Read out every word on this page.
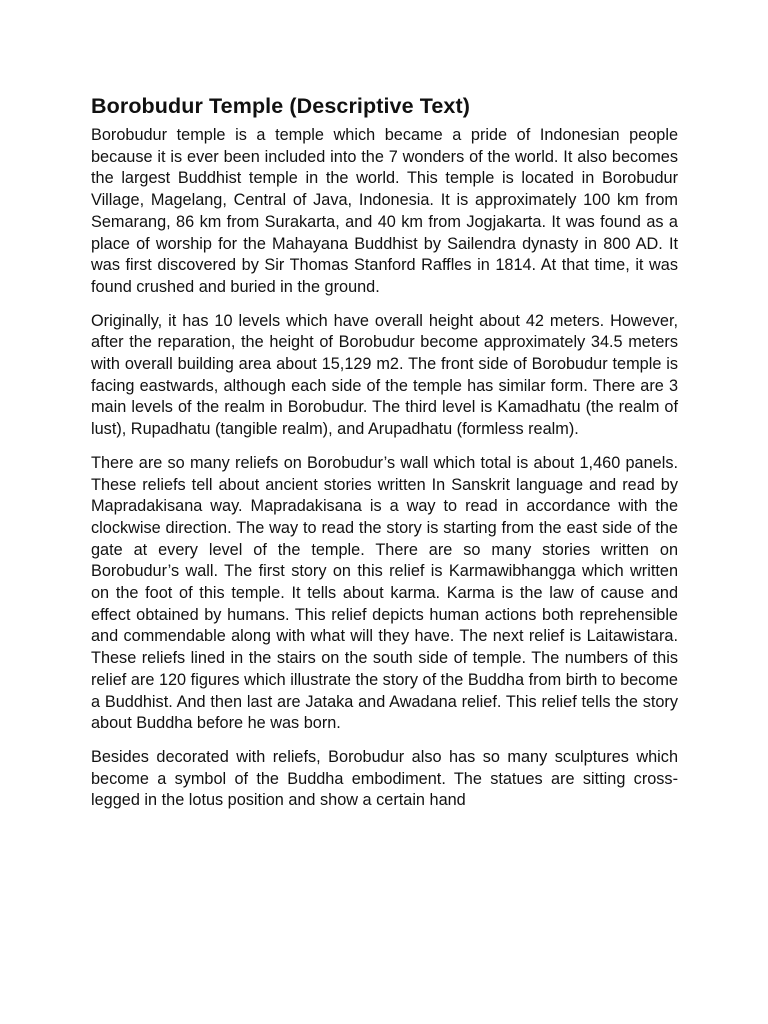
Borobudur Temple (Descriptive Text)

Borobudur temple is a temple which became a pride of Indonesian people because it is ever been included into the 7 wonders of the world. It also becomes the largest Buddhist temple in the world. This temple is located in Borobudur Village, Magelang, Central of Java, Indonesia. It is approximately 100 km from Semarang, 86 km from Surakarta, and 40 km from Jogjakarta. It was found as a place of worship for the Mahayana Buddhist by Sailendra dynasty in 800 AD. It was first discovered by Sir Thomas Stanford Raffles in 1814. At that time, it was found crushed and buried in the ground.

Originally, it has 10 levels which have overall height about 42 meters. However, after the reparation, the height of Borobudur become approximately 34.5 meters with overall building area about 15,129 m2. The front side of Borobudur temple is facing eastwards, although each side of the temple has similar form. There are 3 main levels of the realm in Borobudur. The third level is Kamadhatu (the realm of lust), Rupadhatu (tangible realm), and Arupadhatu (formless realm).

There are so many reliefs on Borobudur’s wall which total is about 1,460 panels. These reliefs tell about ancient stories written In Sanskrit language and read by Mapradakisana way. Mapradakisana is a way to read in accordance with the clockwise direction. The way to read the story is starting from the east side of the gate at every level of the temple. There are so many stories written on Borobudur’s wall. The first story on this relief is Karmawibhangga which written on the foot of this temple. It tells about karma. Karma is the law of cause and effect obtained by humans. This relief depicts human actions both reprehensible and commendable along with what will they have. The next relief is Laitawistara. These reliefs lined in the stairs on the south side of temple. The numbers of this relief are 120 figures which illustrate the story of the Buddha from birth to become a Buddhist. And then last are Jataka and Awadana relief. This relief tells the story about Buddha before he was born.

Besides decorated with reliefs, Borobudur also has so many sculptures which become a symbol of the Buddha embodiment. The statues are sitting cross-legged in the lotus position and show a certain hand
